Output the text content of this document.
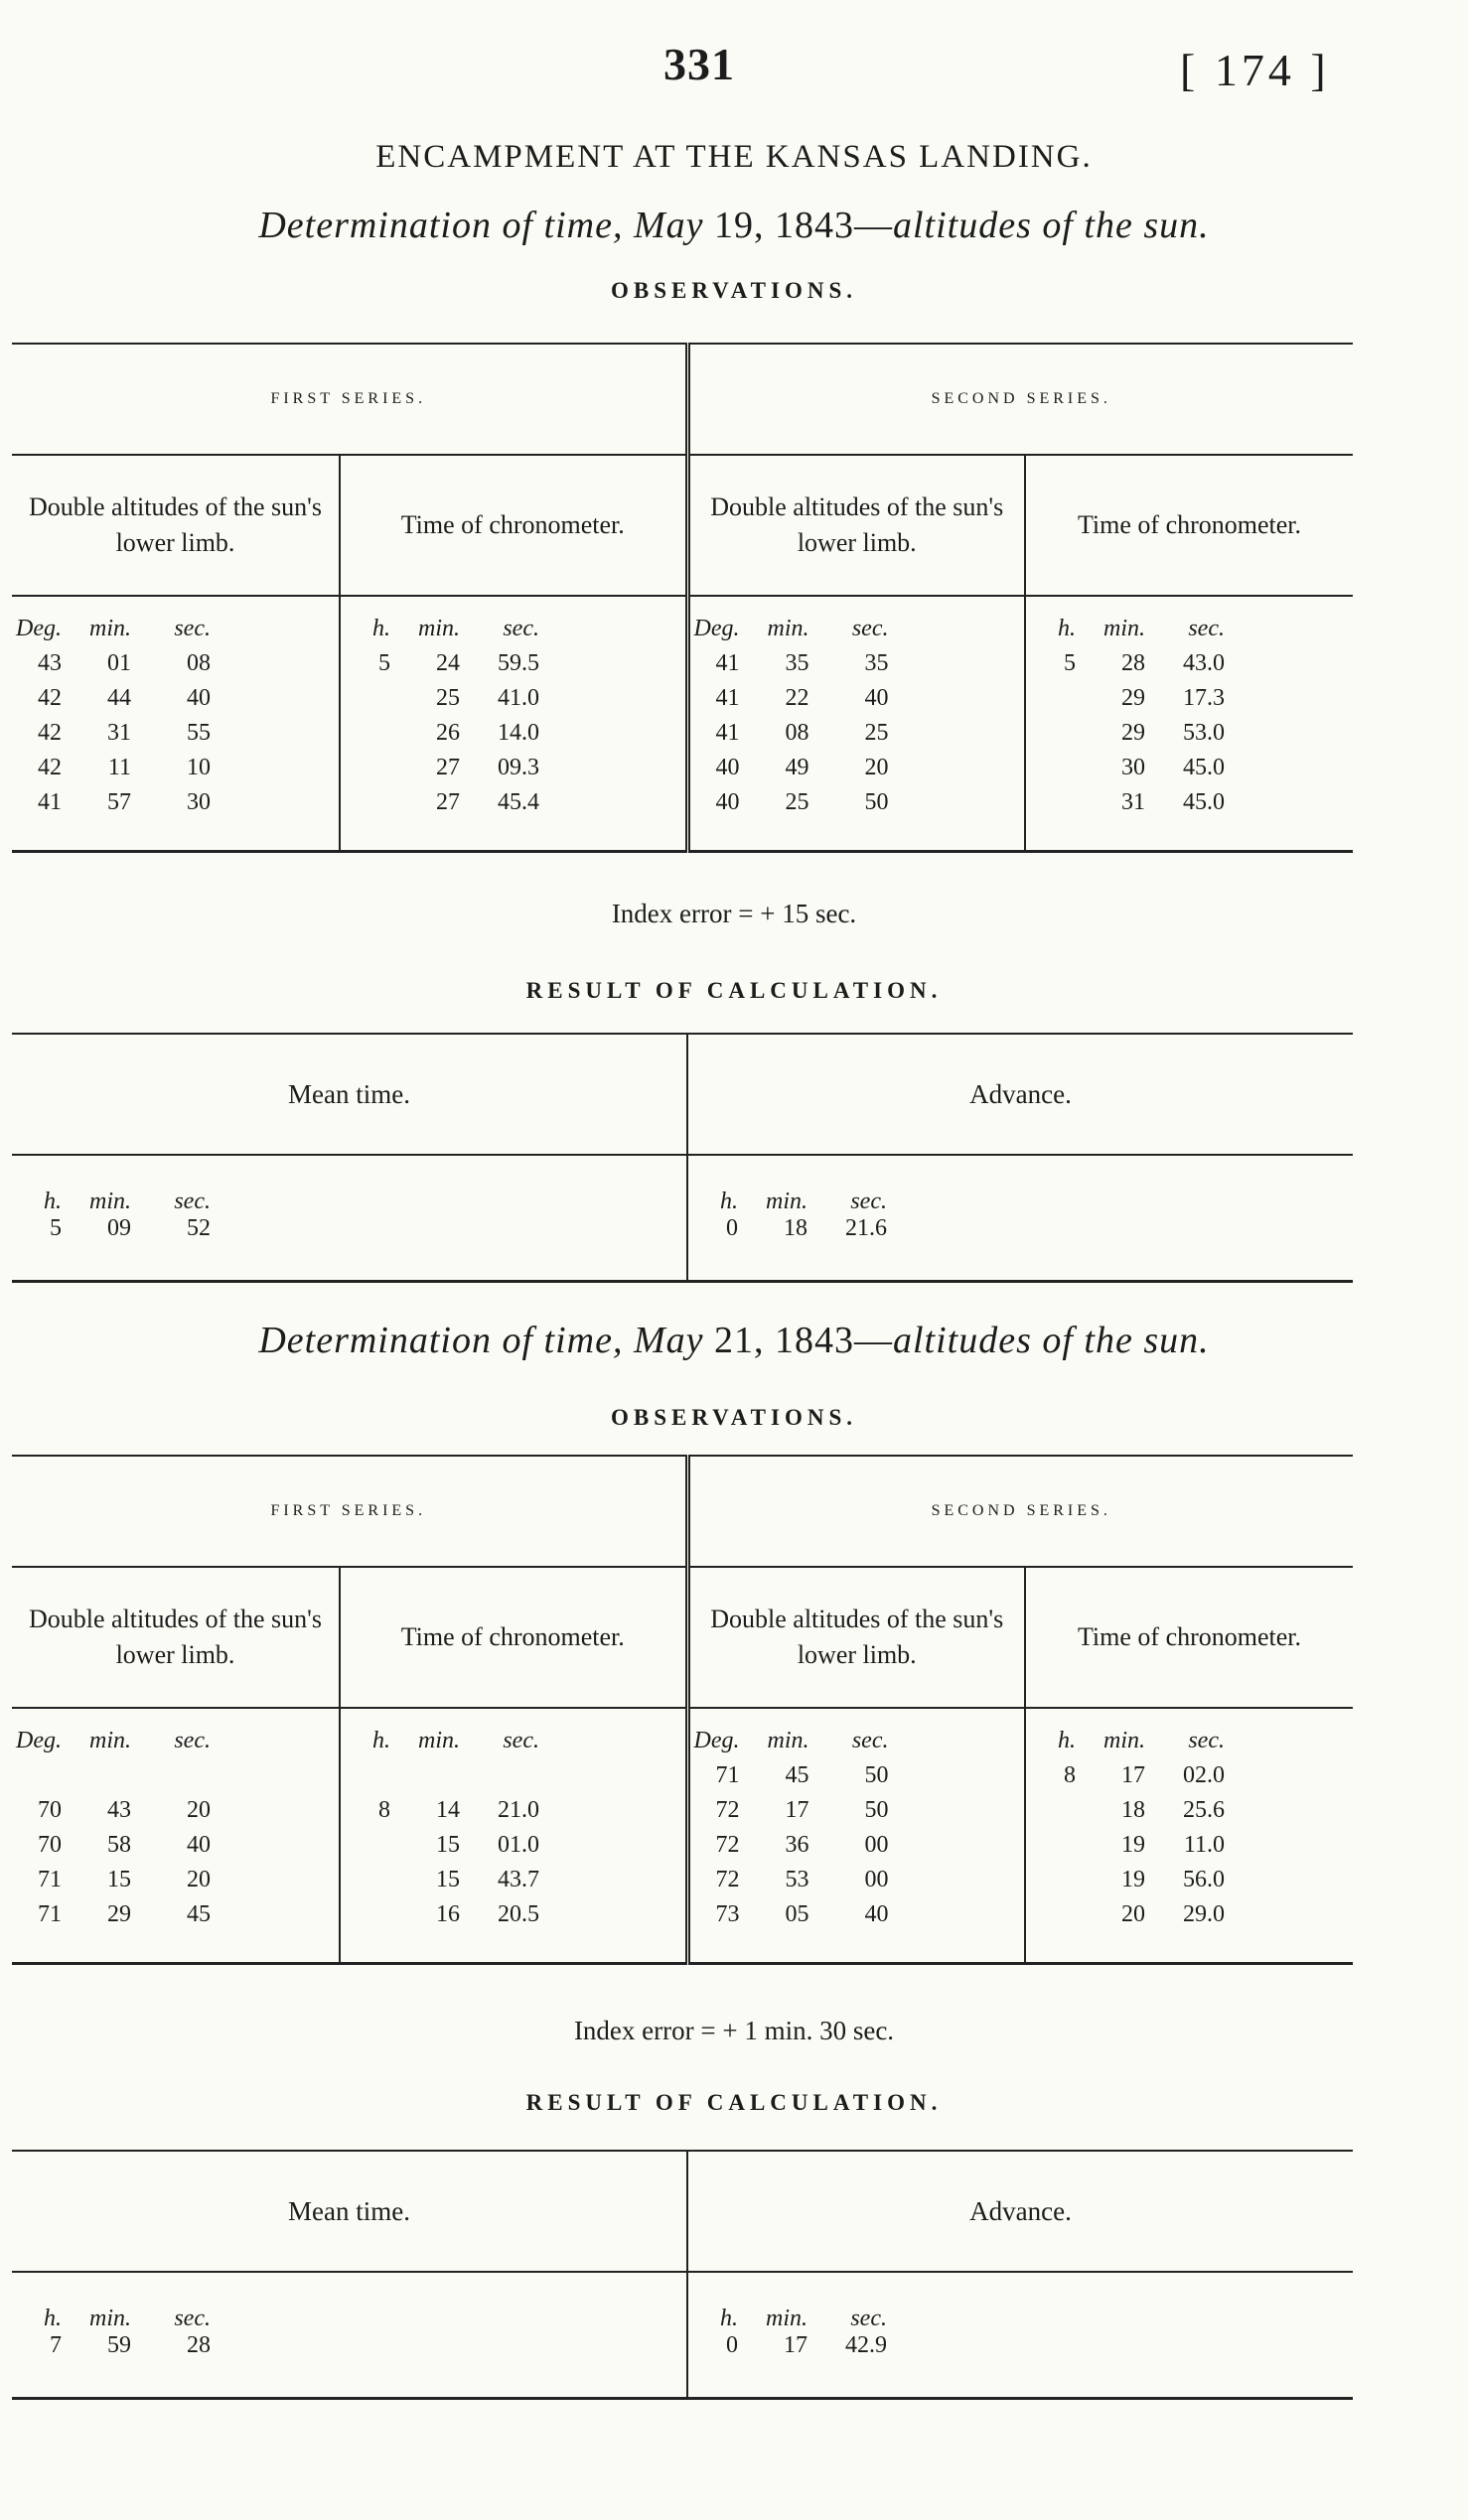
331	[ 174 ]
ENCAMPMENT AT THE KANSAS LANDING.
Determination of time, May 19, 1843—altitudes of the sun.
OBSERVATIONS.
FIRST SERIES.		SECOND SERIES.	
Double altitudes of the sun's lower limb.	Time of chronometer.	Double altitudes of the sun's lower limb.	Time of chronometer.
Deg. min. sec.	h. min. sec.	Deg. min. sec.	h. min. sec.
43 01 08	5 24 59.5	41 35 35	5 28 43.0
42 44 40	25 41.0	41 22 40	29 17.3
42 31 55	26 14.0	41 08 25	29 53.0
42 11 10	27 09.3	40 49 20	30 45.0
41 57 30	27 45.4	40 25 50	31 45.0
Index error = + 15 sec.
RESULT OF CALCULATION.
Mean time.	Advance.
h. min. sec.	h. min. sec.
5 09 52	0 18 21.6
Determination of time, May 21, 1843—altitudes of the sun.
OBSERVATIONS.
FIRST SERIES.		SECOND SERIES.	
Double altitudes of the sun's lower limb.	Time of chronometer.	Double altitudes of the sun's lower limb.	Time of chronometer.
Deg. min. sec.	h. min. sec.	Deg. min. sec.	h. min. sec.
		71 45 50	8 17 02.0
70 43 20	8 14 21.0	72 17 50	18 25.6
70 58 40	15 01.0	72 36 00	19 11.0
71 15 20	15 43.7	72 53 00	19 56.0
71 29 45	16 20.5	73 05 40	20 29.0
Index error = + 1 min. 30 sec.
RESULT OF CALCULATION.
Mean time.	Advance.
h. min. sec.	h. min. sec.
7 59 28	0 17 42.9
